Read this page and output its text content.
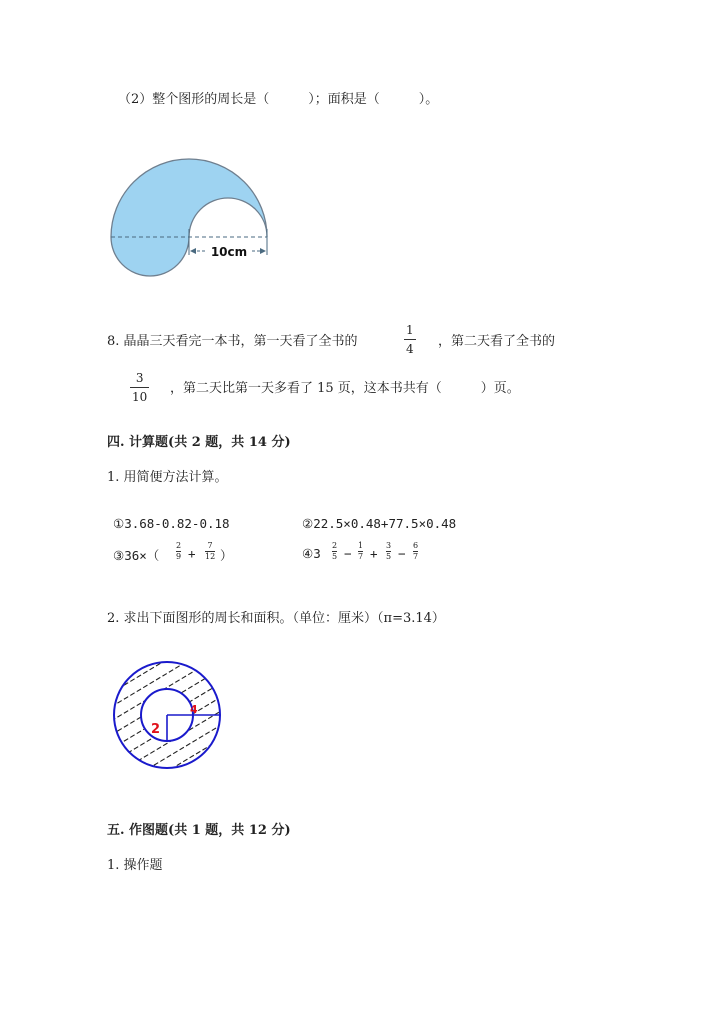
（2）整个图形的周长是（　　　）；面积是（　　　）。
10cm
8. 晶晶三天看完一本书，第一天看了全书的
1
4 ，第二天看了全书的
3
10
，第二天比第一天多看了 15 页，这本书共有（　　　）页。
四. 计算题(共 2 题，共 14 分)
1. 用简便方法计算。
①3.68-0.82-0.18	②22.5×0.48+77.5×0.48
③36×（
2
9 +
7
12 ）	④3
2
5 −
1
7 +
3
5 −
6
7
2. 求出下面图形的周长和面积。（单位：厘米）（π=3.14）
2
4
五. 作图题(共 1 题，共 12 分)
1. 操作题
